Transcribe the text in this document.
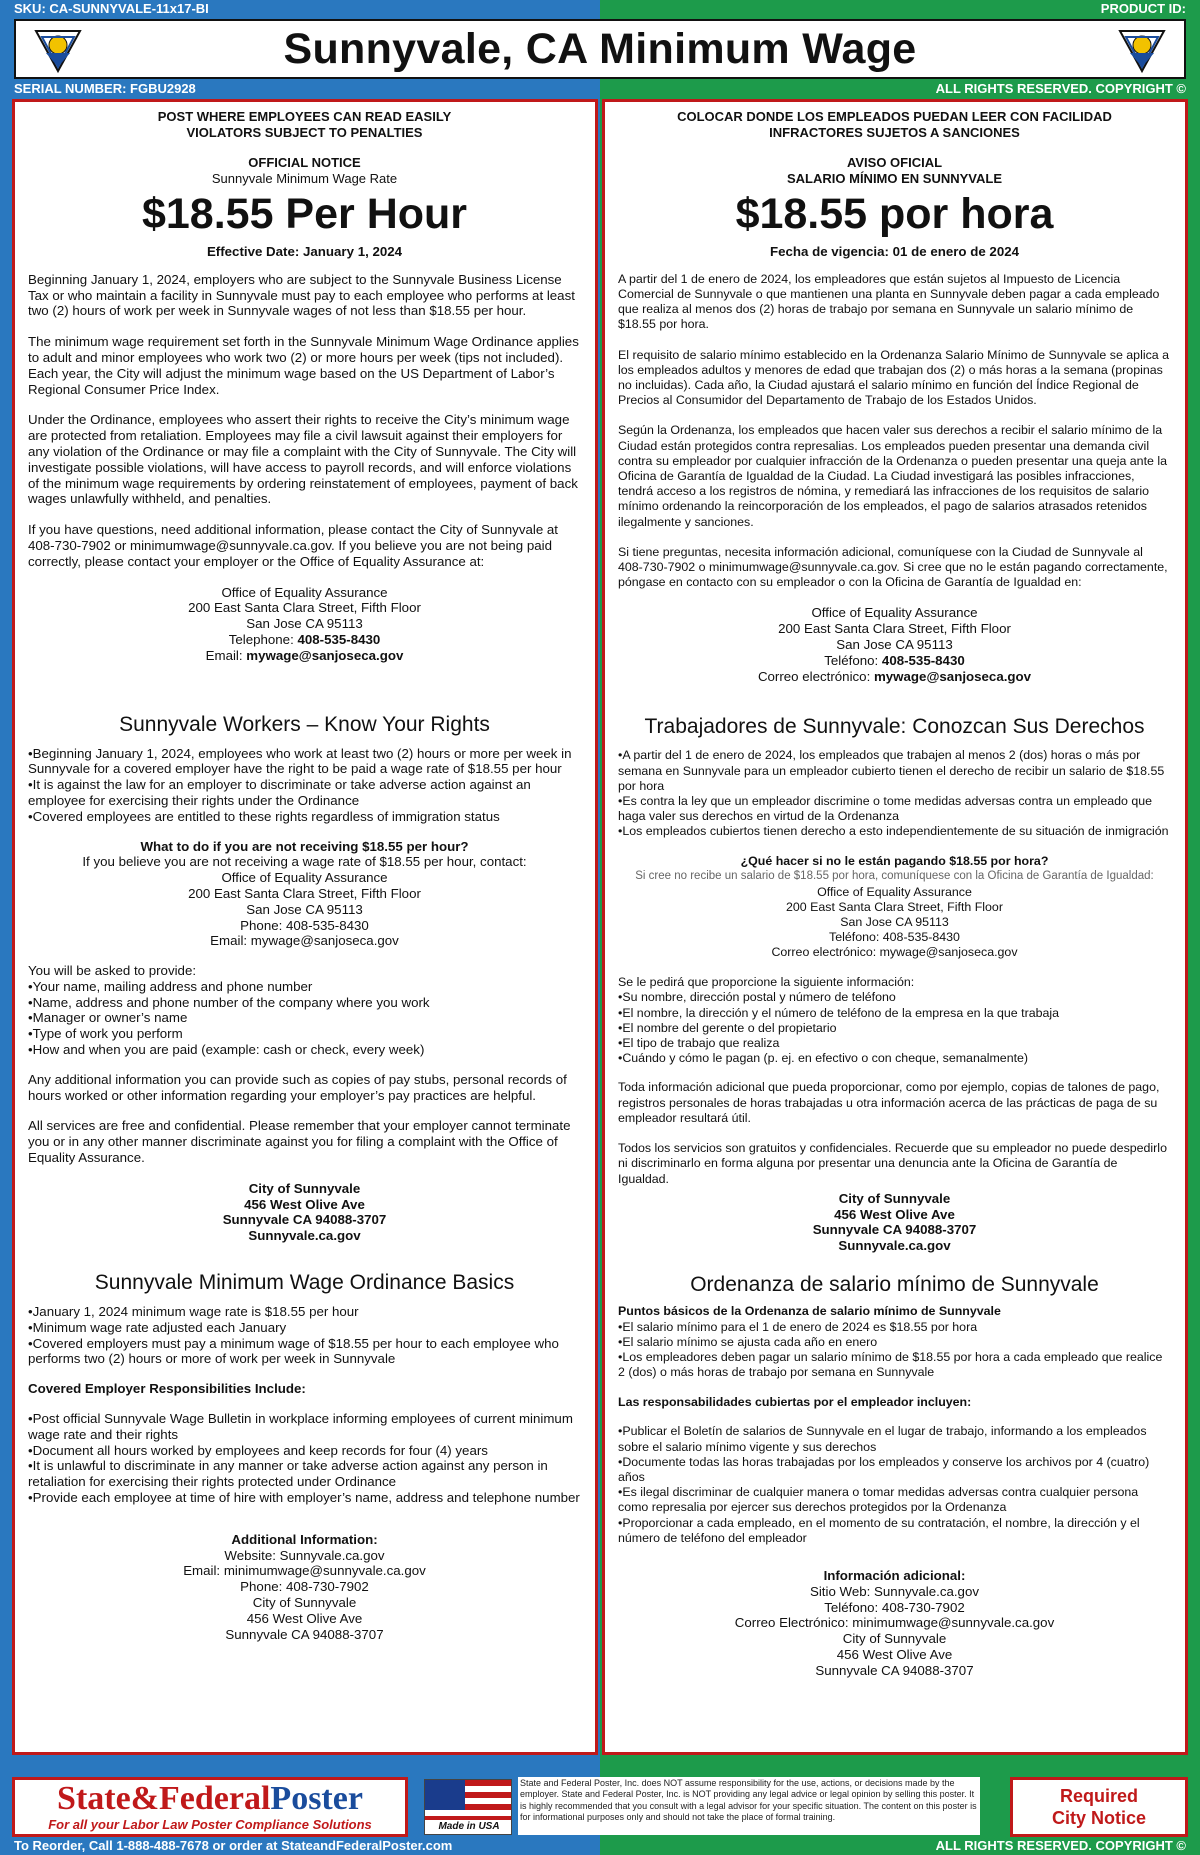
SKU: CA-SUNNYVALE-11x17-BI	PRODUCT ID:
Sunnyvale, CA Minimum Wage
SERIAL NUMBER: FGBU2928	ALL RIGHTS RESERVED. COPYRIGHT ©
POST WHERE EMPLOYEES CAN READ EASILY
VIOLATORS SUBJECT TO PENALTIES
OFFICIAL NOTICE
Sunnyvale Minimum Wage Rate
$18.55 Per Hour
Effective Date: January 1, 2024
Beginning January 1, 2024, employers who are subject to the Sunnyvale Business License Tax or who maintain a facility in Sunnyvale must pay to each employee who performs at least two (2) hours of work per week in Sunnyvale wages of not less than $18.55 per hour.
The minimum wage requirement set forth in the Sunnyvale Minimum Wage Ordinance applies to adult and minor employees who work two (2) or more hours per week (tips not included). Each year, the City will adjust the minimum wage based on the US Department of Labor’s Regional Consumer Price Index.
Under the Ordinance, employees who assert their rights to receive the City’s minimum wage are protected from retaliation. Employees may file a civil lawsuit against their employers for any violation of the Ordinance or may file a complaint with the City of Sunnyvale. The City will investigate possible violations, will have access to payroll records, and will enforce violations of the minimum wage requirements by ordering reinstatement of employees, payment of back wages unlawfully withheld, and penalties.
If you have questions, need additional information, please contact the City of Sunnyvale at 408-730-7902 or minimumwage@sunnyvale.ca.gov. If you believe you are not being paid correctly, please contact your employer or the Office of Equality Assurance at:
Office of Equality Assurance
200 East Santa Clara Street, Fifth Floor
San Jose CA 95113
Telephone: 408-535-8430
Email: mywage@sanjoseca.gov
Sunnyvale Workers – Know Your Rights
• Beginning January 1, 2024, employees who work at least two (2) hours or more per week in Sunnyvale for a covered employer have the right to be paid a wage rate of $18.55 per hour
• It is against the law for an employer to discriminate or take adverse action against an employee for exercising their rights under the Ordinance
• Covered employees are entitled to these rights regardless of immigration status
What to do if you are not receiving $18.55 per hour?
If you believe you are not receiving a wage rate of $18.55 per hour, contact:
Office of Equality Assurance
200 East Santa Clara Street, Fifth Floor
San Jose CA 95113
Phone: 408-535-8430
Email: mywage@sanjoseca.gov
You will be asked to provide:
• Your name, mailing address and phone number
• Name, address and phone number of the company where you work
• Manager or owner’s name
• Type of work you perform
• How and when you are paid (example: cash or check, every week)
Any additional information you can provide such as copies of pay stubs, personal records of hours worked or other information regarding your employer’s pay practices are helpful.
All services are free and confidential. Please remember that your employer cannot terminate you or in any other manner discriminate against you for filing a complaint with the Office of Equality Assurance.
City of Sunnyvale
456 West Olive Ave
Sunnyvale CA 94088-3707
Sunnyvale.ca.gov
Sunnyvale Minimum Wage Ordinance Basics
• January 1, 2024 minimum wage rate is $18.55 per hour
• Minimum wage rate adjusted each January
• Covered employers must pay a minimum wage of $18.55 per hour to each employee who performs two (2) hours or more of work per week in Sunnyvale
Covered Employer Responsibilities Include:
• Post official Sunnyvale Wage Bulletin in workplace informing employees of current minimum wage rate and their rights
• Document all hours worked by employees and keep records for four (4) years
• It is unlawful to discriminate in any manner or take adverse action against any person in retaliation for exercising their rights protected under Ordinance
• Provide each employee at time of hire with employer’s name, address and telephone number
Additional Information:
Website: Sunnyvale.ca.gov
Email: minimumwage@sunnyvale.ca.gov
Phone: 408-730-7902
City of Sunnyvale
456 West Olive Ave
Sunnyvale CA 94088-3707
COLOCAR DONDE LOS EMPLEADOS PUEDAN LEER CON FACILIDAD
INFRACTORES SUJETOS A SANCIONES
AVISO OFICIAL
SALARIO MÍNIMO EN SUNNYVALE
$18.55 por hora
Fecha de vigencia: 01 de enero de 2024
A partir del 1 de enero de 2024, los empleadores que están sujetos al Impuesto de Licencia Comercial de Sunnyvale o que mantienen una planta en Sunnyvale deben pagar a cada empleado que realiza al menos dos (2) horas de trabajo por semana en Sunnyvale un salario mínimo de $18.55 por hora.
El requisito de salario mínimo establecido en la Ordenanza Salario Mínimo de Sunnyvale se aplica a los empleados adultos y menores de edad que trabajan dos (2) o más horas a la semana (propinas no incluidas). Cada año, la Ciudad ajustará el salario mínimo en función del Índice Regional de Precios al Consumidor del Departamento de Trabajo de los Estados Unidos.
Según la Ordenanza, los empleados que hacen valer sus derechos a recibir el salario mínimo de la Ciudad están protegidos contra represalias. Los empleados pueden presentar una demanda civil contra su empleador por cualquier infracción de la Ordenanza o pueden presentar una queja ante la Oficina de Garantía de Igualdad de la Ciudad. La Ciudad investigará las posibles infracciones, tendrá acceso a los registros de nómina, y remediará las infracciones de los requisitos de salario mínimo ordenando la reincorporación de los empleados, el pago de salarios atrasados retenidos ilegalmente y sanciones.
Si tiene preguntas, necesita información adicional, comuníquese con la Ciudad de Sunnyvale al 408-730-7902 o minimumwage@sunnyvale.ca.gov. Si cree que no le están pagando correctamente, póngase en contacto con su empleador o con la Oficina de Garantía de Igualdad en:
Office of Equality Assurance
200 East Santa Clara Street, Fifth Floor
San Jose CA 95113
Teléfono: 408-535-8430
Correo electrónico: mywage@sanjoseca.gov
Trabajadores de Sunnyvale: Conozcan Sus Derechos
• A partir del 1 de enero de 2024, los empleados que trabajen al menos 2 (dos) horas o más por semana en Sunnyvale para un empleador cubierto tienen el derecho de recibir un salario de $18.55 por hora
• Es contra la ley que un empleador discrimine o tome medidas adversas contra un empleado que haga valer sus derechos en virtud de la Ordenanza
• Los empleados cubiertos tienen derecho a esto independientemente de su situación de inmigración
¿Qué hacer si no le están pagando $18.55 por hora?
Si cree no recibe un salario de $18.55 por hora, comuníquese con la Oficina de Garantía de Igualdad:
Office of Equality Assurance
200 East Santa Clara Street, Fifth Floor
San Jose CA 95113
Teléfono: 408-535-8430
Correo electrónico: mywage@sanjoseca.gov
Se le pedirá que proporcione la siguiente información:
• Su nombre, dirección postal y número de teléfono
• El nombre, la dirección y el número de teléfono de la empresa en la que trabaja
• El nombre del gerente o del propietario
• El tipo de trabajo que realiza
• Cuándo y cómo le pagan (p. ej. en efectivo o con cheque, semanalmente)
Toda información adicional que pueda proporcionar, como por ejemplo, copias de talones de pago, registros personales de horas trabajadas u otra información acerca de las prácticas de paga de su empleador resultará útil.
Todos los servicios son gratuitos y confidenciales. Recuerde que su empleador no puede despedirlo ni discriminarlo en forma alguna por presentar una denuncia ante la Oficina de Garantía de Igualdad.
City of Sunnyvale
456 West Olive Ave
Sunnyvale CA 94088-3707
Sunnyvale.ca.gov
Ordenanza de salario mínimo de Sunnyvale
Puntos básicos de la Ordenanza de salario mínimo de Sunnyvale
• El salario mínimo para el 1 de enero de 2024 es $18.55 por hora
• El salario mínimo se ajusta cada año en enero
• Los empleadores deben pagar un salario mínimo de $18.55 por hora a cada empleado que realice 2 (dos) o más horas de trabajo por semana en Sunnyvale
Las responsabilidades cubiertas por el empleador incluyen:
• Publicar el Boletín de salarios de Sunnyvale en el lugar de trabajo, informando a los empleados sobre el salario mínimo vigente y sus derechos
• Documente todas las horas trabajadas por los empleados y conserve los archivos por 4 (cuatro) años
• Es ilegal discriminar de cualquier manera o tomar medidas adversas contra cualquier persona como represalia por ejercer sus derechos protegidos por la Ordenanza
• Proporcionar a cada empleado, en el momento de su contratación, el nombre, la dirección y el número de teléfono del empleador
Información adicional:
Sitio Web: Sunnyvale.ca.gov
Teléfono: 408-730-7902
Correo Electrónico: minimumwage@sunnyvale.ca.gov
City of Sunnyvale
456 West Olive Ave
Sunnyvale CA 94088-3707
State&FederalPoster
For all your Labor Law Poster Compliance Solutions	Made in USA
State and Federal Poster, Inc. does NOT assume responsibility for the use, actions, or decisions made by the employer. State and Federal Poster, Inc. is NOT providing any legal advice or legal opinion by selling this poster. It is highly recommended that you consult with a legal advisor for your specific situation. The content on this poster is for informational purposes only and should not take the place of formal training.
Required
City Notice
To Reorder, Call 1-888-488-7678 or order at StateandFederalPoster.com	ALL RIGHTS RESERVED. COPYRIGHT ©
